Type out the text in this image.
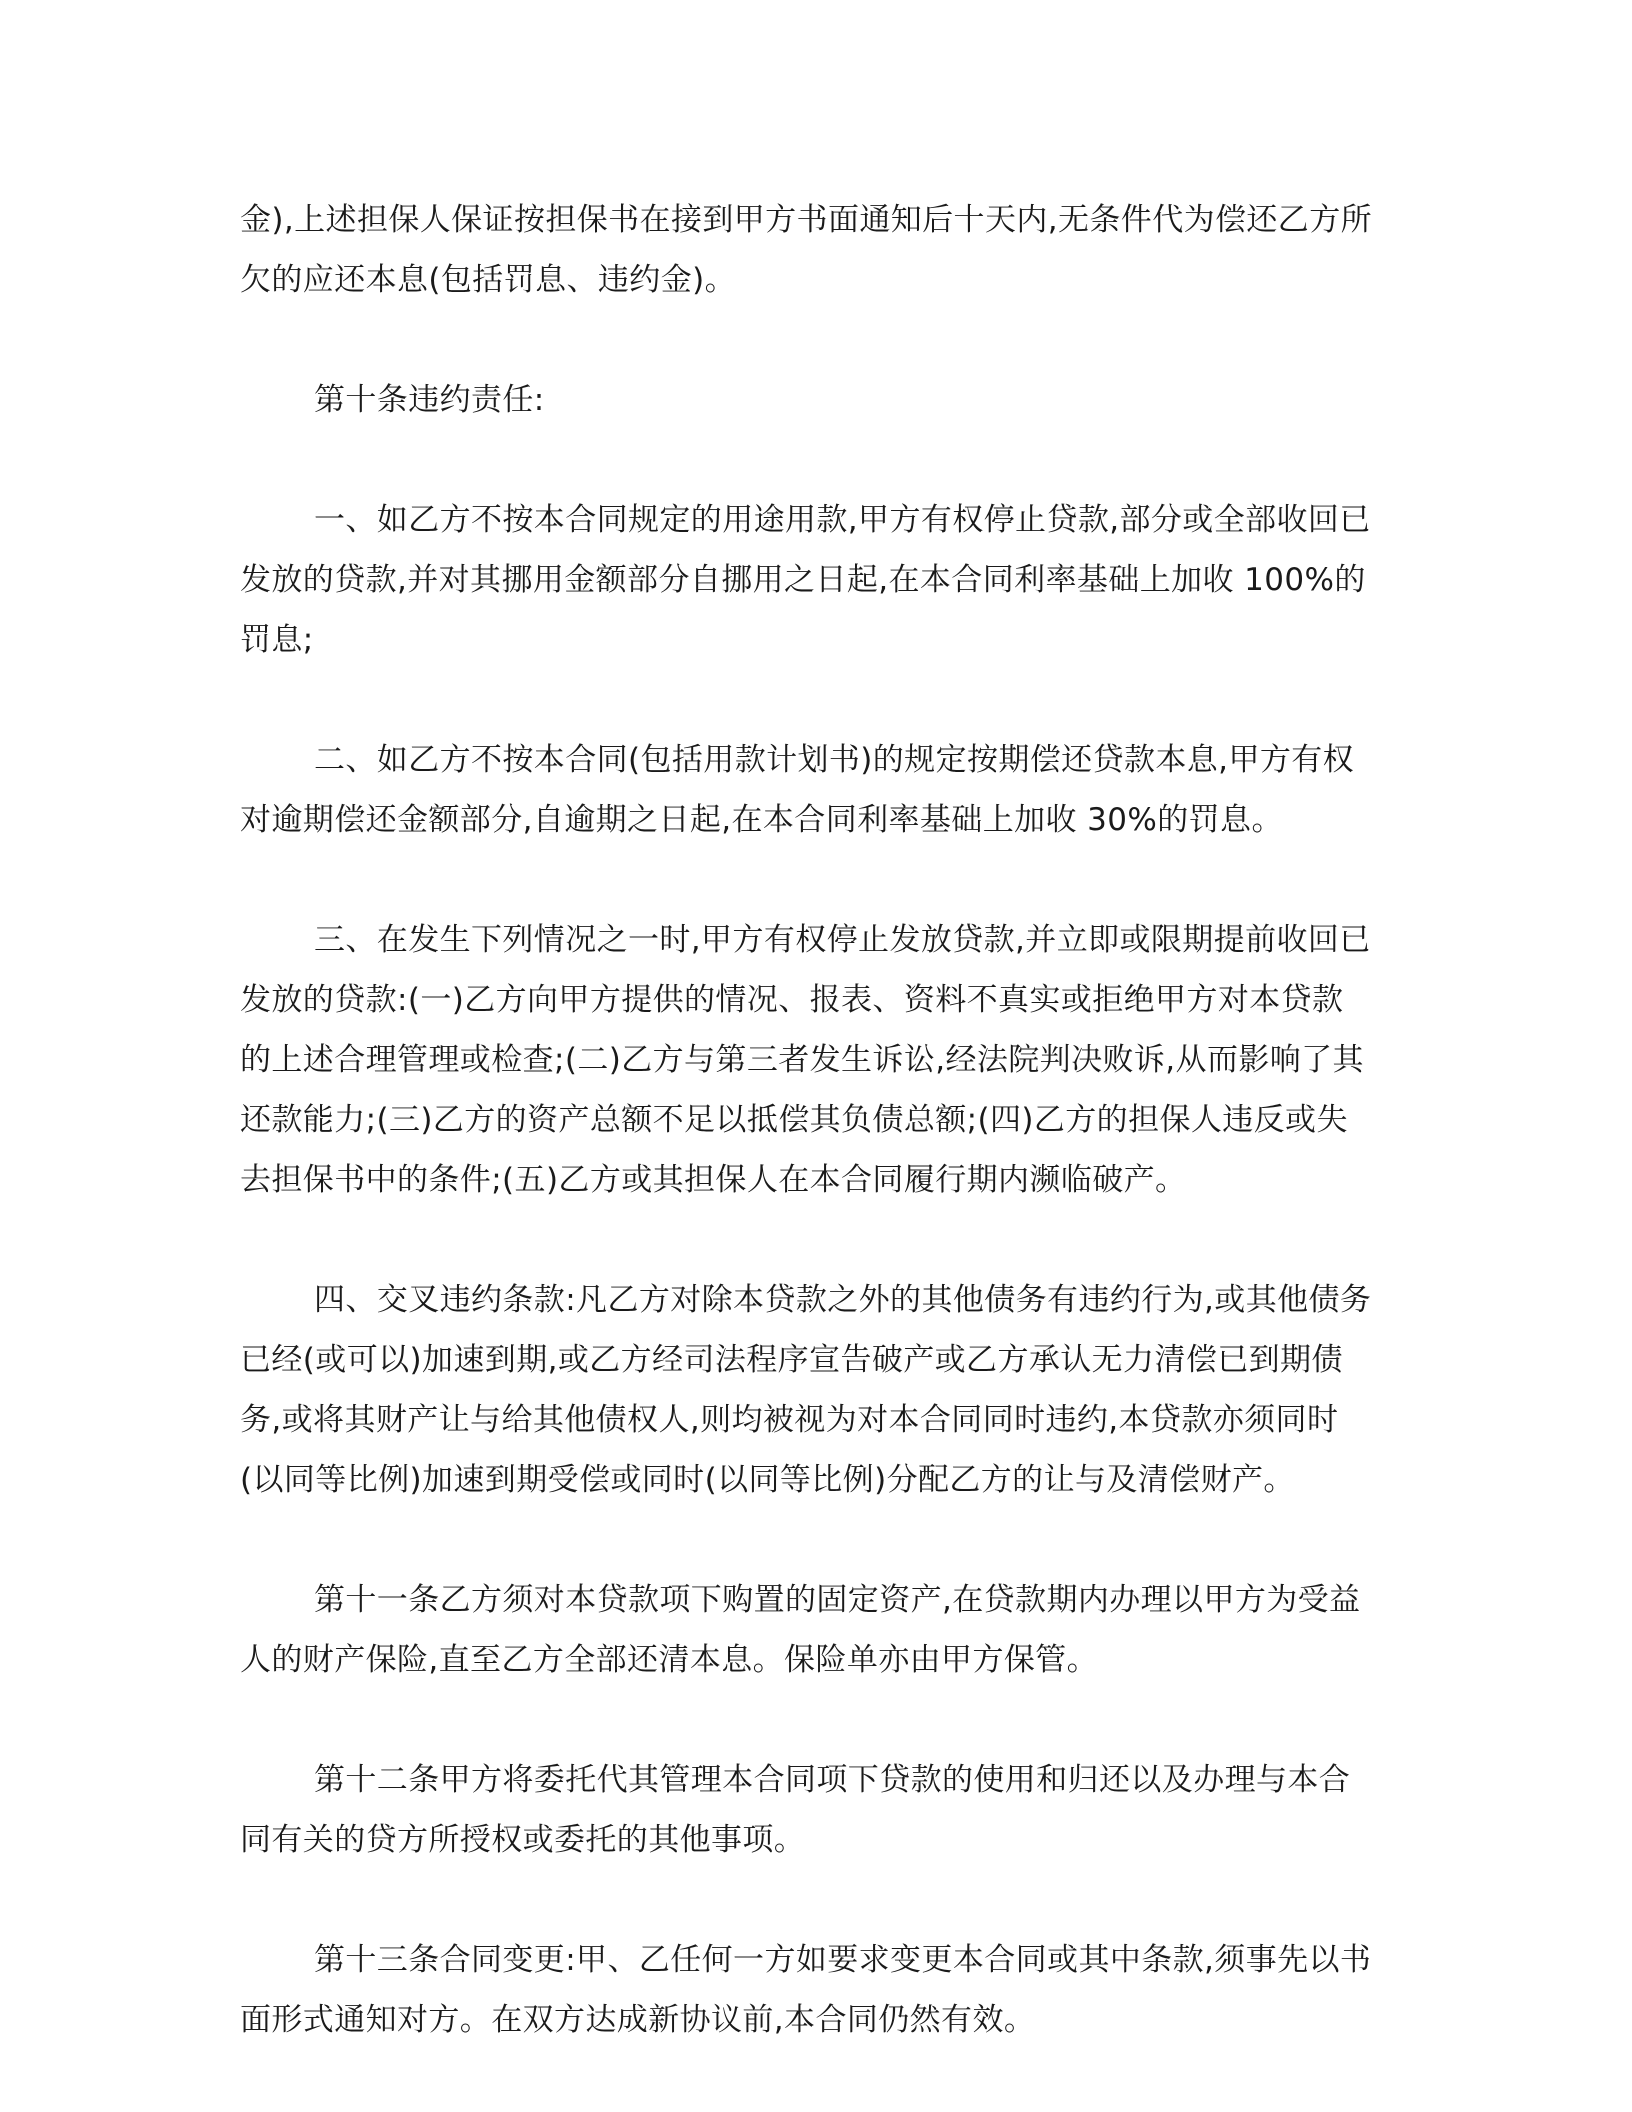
金),上述担保人保证按担保书在接到甲方书面通知后十天内,无条件代为偿还乙方所
欠的应还本息(包括罚息、违约金)。
第十条违约责任:
一、如乙方不按本合同规定的用途用款,甲方有权停止贷款,部分或全部收回已
发放的贷款,并对其挪用金额部分自挪用之日起,在本合同利率基础上加收 100%的
罚息;
二、如乙方不按本合同(包括用款计划书)的规定按期偿还贷款本息,甲方有权
对逾期偿还金额部分,自逾期之日起,在本合同利率基础上加收 30%的罚息。
三、在发生下列情况之一时,甲方有权停止发放贷款,并立即或限期提前收回已
发放的贷款:(一)乙方向甲方提供的情况、报表、资料不真实或拒绝甲方对本贷款
的上述合理管理或检查;(二)乙方与第三者发生诉讼,经法院判决败诉,从而影响了其
还款能力;(三)乙方的资产总额不足以抵偿其负债总额;(四)乙方的担保人违反或失
去担保书中的条件;(五)乙方或其担保人在本合同履行期内濒临破产。
四、交叉违约条款:凡乙方对除本贷款之外的其他债务有违约行为,或其他债务
已经(或可以)加速到期,或乙方经司法程序宣告破产或乙方承认无力清偿已到期债
务,或将其财产让与给其他债权人,则均被视为对本合同同时违约,本贷款亦须同时
(以同等比例)加速到期受偿或同时(以同等比例)分配乙方的让与及清偿财产。
第十一条乙方须对本贷款项下购置的固定资产,在贷款期内办理以甲方为受益
人的财产保险,直至乙方全部还清本息。保险单亦由甲方保管。
第十二条甲方将委托代其管理本合同项下贷款的使用和归还以及办理与本合
同有关的贷方所授权或委托的其他事项。
第十三条合同变更:甲、乙任何一方如要求变更本合同或其中条款,须事先以书
面形式通知对方。在双方达成新协议前,本合同仍然有效。
